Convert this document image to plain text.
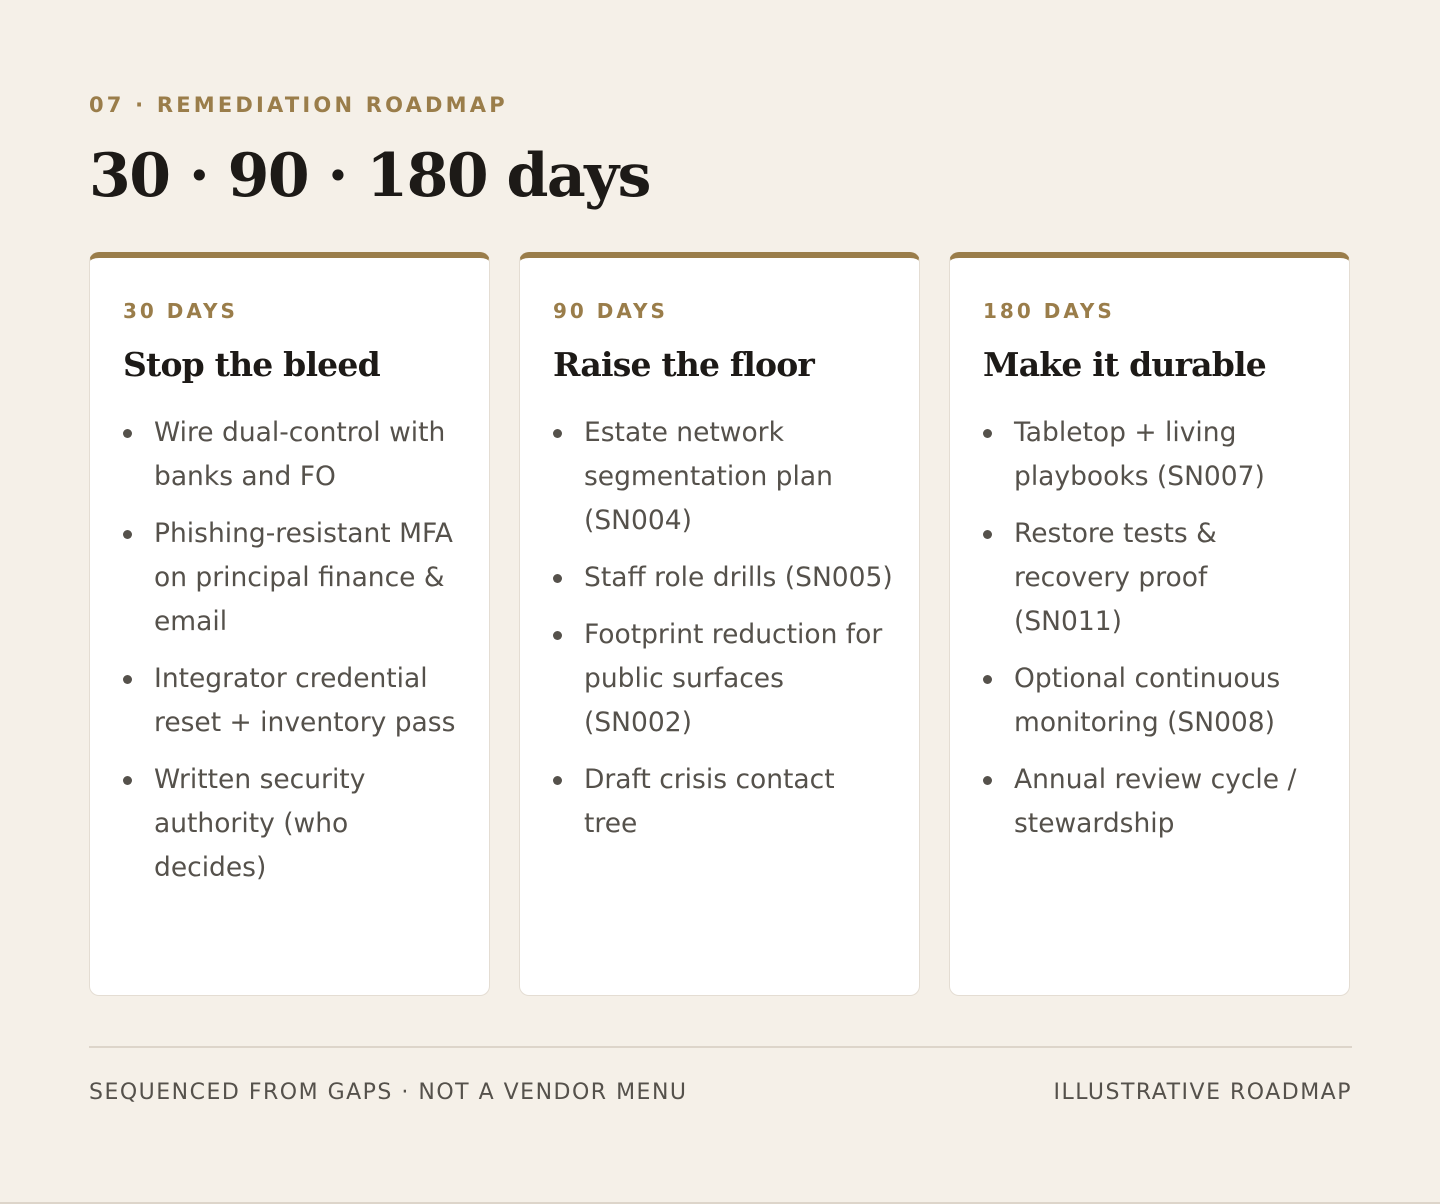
07 · REMEDIATION ROADMAP
30 · 90 · 180 days
30 DAYS
Stop the bleed
Wire dual-control with banks and FO
Phishing-resistant MFA on principal finance & email
Integrator credential reset + inventory pass
Written security authority (who decides)
90 DAYS
Raise the floor
Estate network segmentation plan (SN004)
Staff role drills (SN005)
Footprint reduction for public surfaces (SN002)
Draft crisis contact tree
180 DAYS
Make it durable
Tabletop + living playbooks (SN007)
Restore tests & recovery proof (SN011)
Optional continuous monitoring (SN008)
Annual review cycle / stewardship
SEQUENCED FROM GAPS · NOT A VENDOR MENU	ILLUSTRATIVE ROADMAP
